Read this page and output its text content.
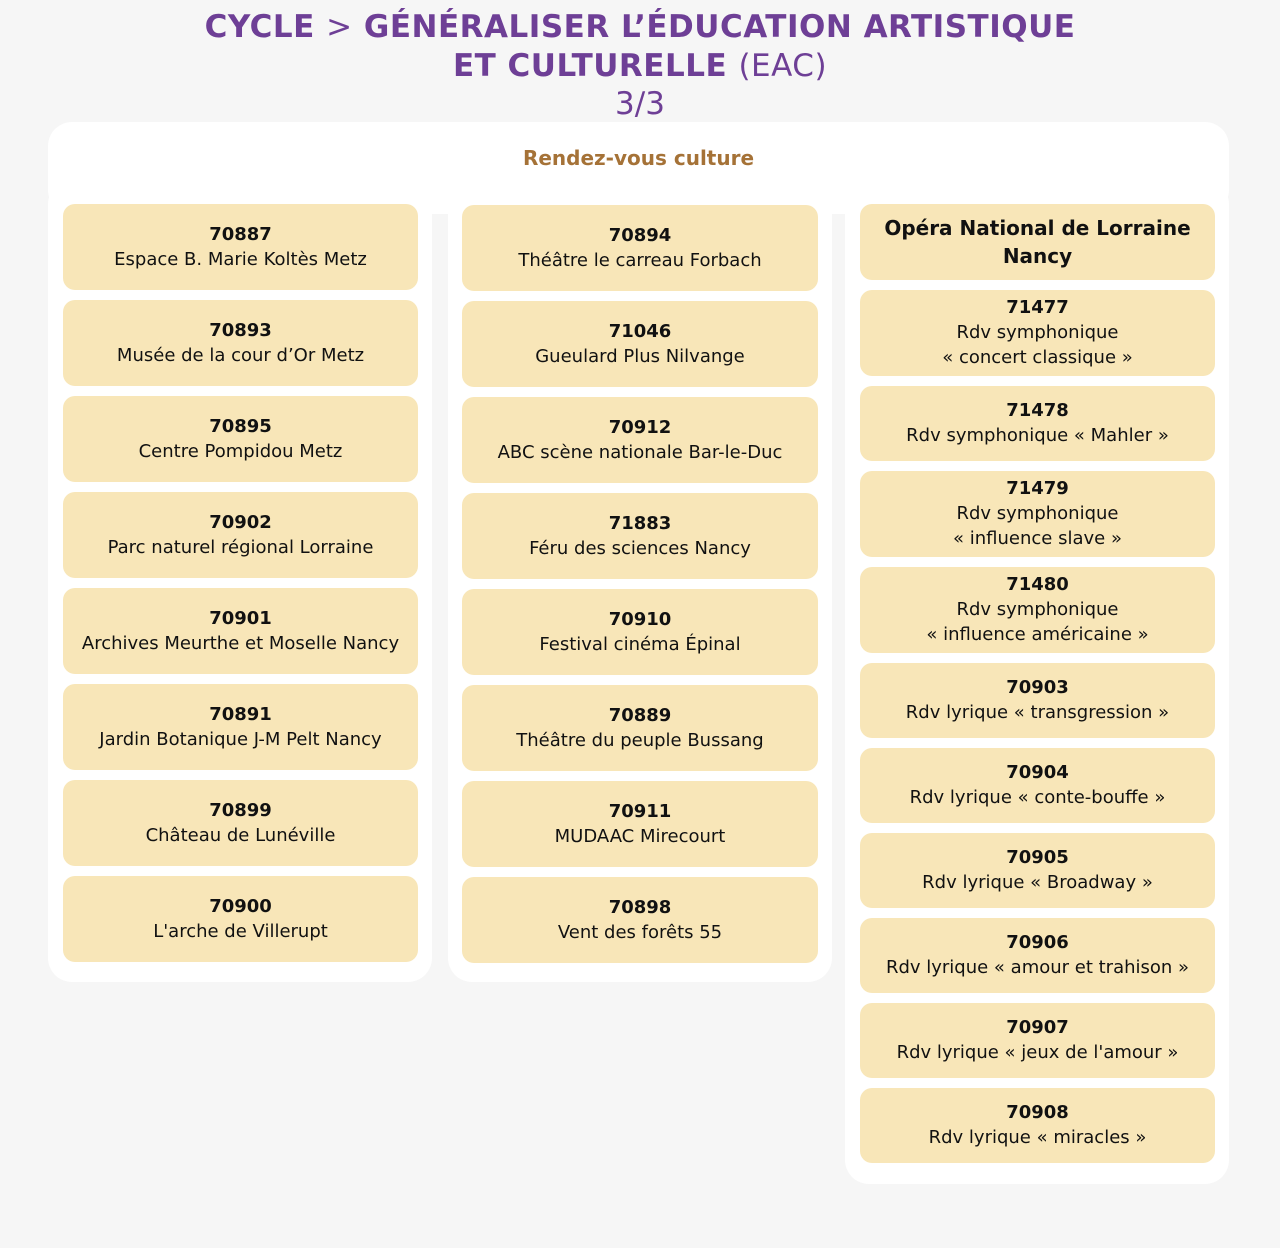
CYCLE > GÉNÉRALISER L’ÉDUCATION ARTISTIQUE
ET CULTURELLE (EAC)
3/3
Rendez-vous culture
70887
Espace B. Marie Koltès Metz
70893
Musée de la cour d’Or Metz
70895
Centre Pompidou Metz
70902
Parc naturel régional Lorraine
70901
Archives Meurthe et Moselle Nancy
70891
Jardin Botanique J-M Pelt Nancy
70899
Château de Lunéville
70900
L'arche de Villerupt
70894
Théâtre le carreau Forbach
71046
Gueulard Plus Nilvange
70912
ABC scène nationale Bar-le-Duc
71883
Féru des sciences Nancy
70910
Festival cinéma Épinal
70889
Théâtre du peuple Bussang
70911
MUDAAC Mirecourt
70898
Vent des forêts 55
Opéra National de Lorraine
Nancy
71477
Rdv symphonique
« concert classique »
71478
Rdv symphonique « Mahler »
71479
Rdv symphonique
« influence slave »
71480
Rdv symphonique
« influence américaine »
70903
Rdv lyrique « transgression »
70904
Rdv lyrique « conte-bouffe »
70905
Rdv lyrique « Broadway »
70906
Rdv lyrique « amour et trahison »
70907
Rdv lyrique « jeux de l'amour »
70908
Rdv lyrique « miracles »
